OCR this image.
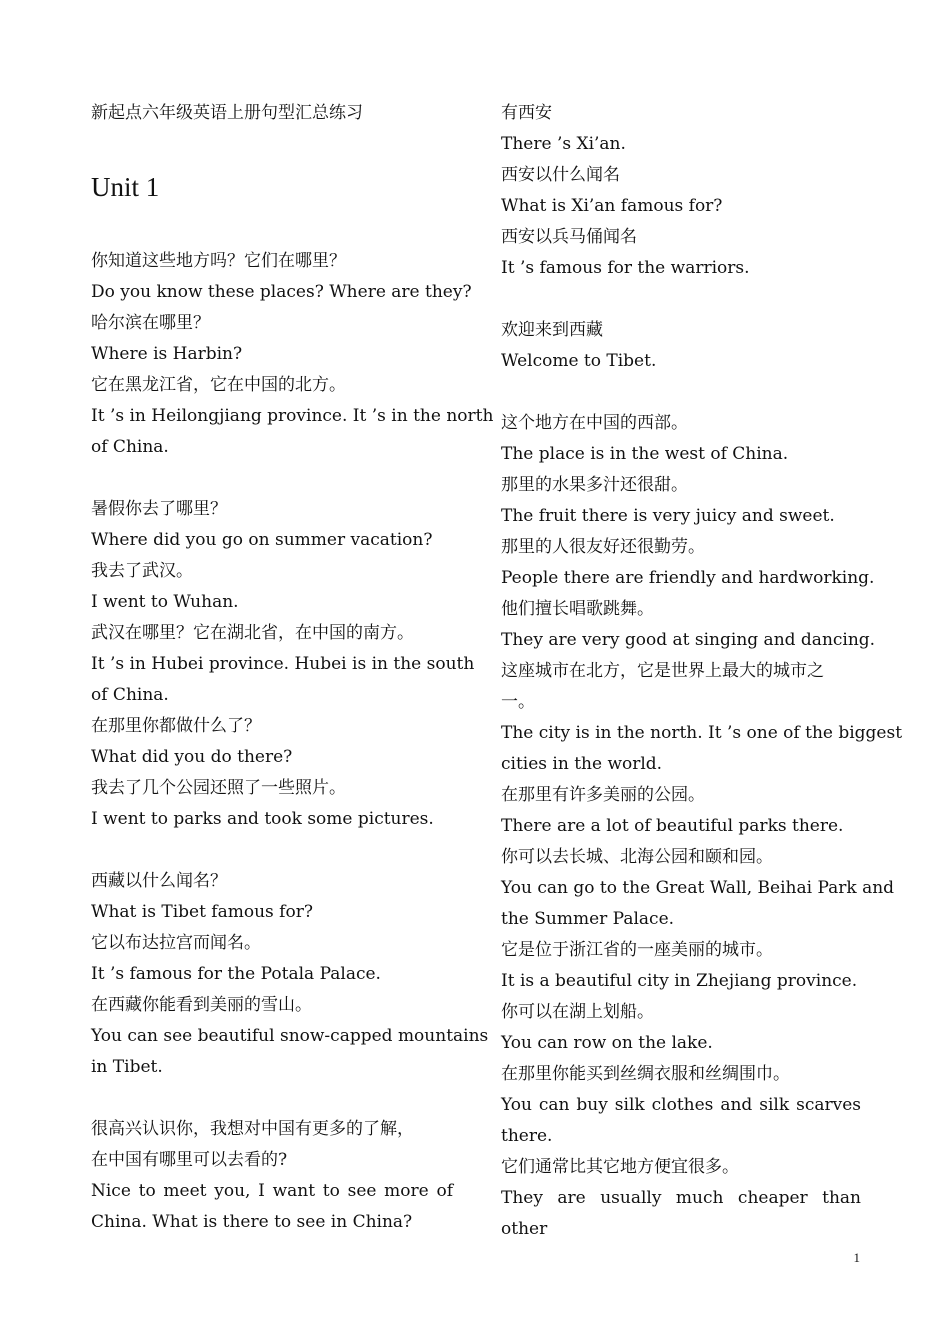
新起点六年级英语上册句型汇总练习
Unit 1
你知道这些地方吗？它们在哪里？
Do you know these places? Where are they?
哈尔滨在哪里？
Where is Harbin?
它在黑龙江省，它在中国的北方。
It ’s in Heilongjiang province. It ’s in the north
of China.
暑假你去了哪里？
Where did you go on summer vacation?
我去了武汉。
I went to Wuhan.
武汉在哪里？它在湖北省，在中国的南方。
It ’s in Hubei province. Hubei is in the south
of China.
在那里你都做什么了？
What did you do there?
我去了几个公园还照了一些照片。
I went to parks and took some pictures.
西藏以什么闻名？
What is Tibet famous for?
它以布达拉宫而闻名。
It ’s famous for the Potala Palace.
在西藏你能看到美丽的雪山。
You can see beautiful snow-capped mountains
in Tibet.
很高兴认识你，我想对中国有更多的了解，
在中国有哪里可以去看的?
Nice to meet you, I want to see more of
China. What is there to see in China?
有西安
There ’s Xi’an.
西安以什么闻名
What is Xi’an famous for?
西安以兵马俑闻名
It ’s famous for the warriors.
欢迎来到西藏
Welcome to Tibet.
这个地方在中国的西部。
The place is in the west of China.
那里的水果多汁还很甜。
The fruit there is very juicy and sweet.
那里的人很友好还很勤劳。
People there are friendly and hardworking.
他们擅长唱歌跳舞。
They are very good at singing and dancing.
这座城市在北方，它是世界上最大的城市之
一。
The city is in the north. It ’s one of the biggest
cities in the world.
在那里有许多美丽的公园。
There are a lot of beautiful parks there.
你可以去长城、北海公园和颐和园。
You can go to the Great Wall, Beihai Park and
the Summer Palace.
它是位于浙江省的一座美丽的城市。
It is a beautiful city in Zhejiang province.
你可以在湖上划船。
You can row on the lake.
在那里你能买到丝绸衣服和丝绸围巾。
You can buy silk clothes and silk scarves
there.
它们通常比其它地方便宜很多。
They are usually much cheaper than other
1
